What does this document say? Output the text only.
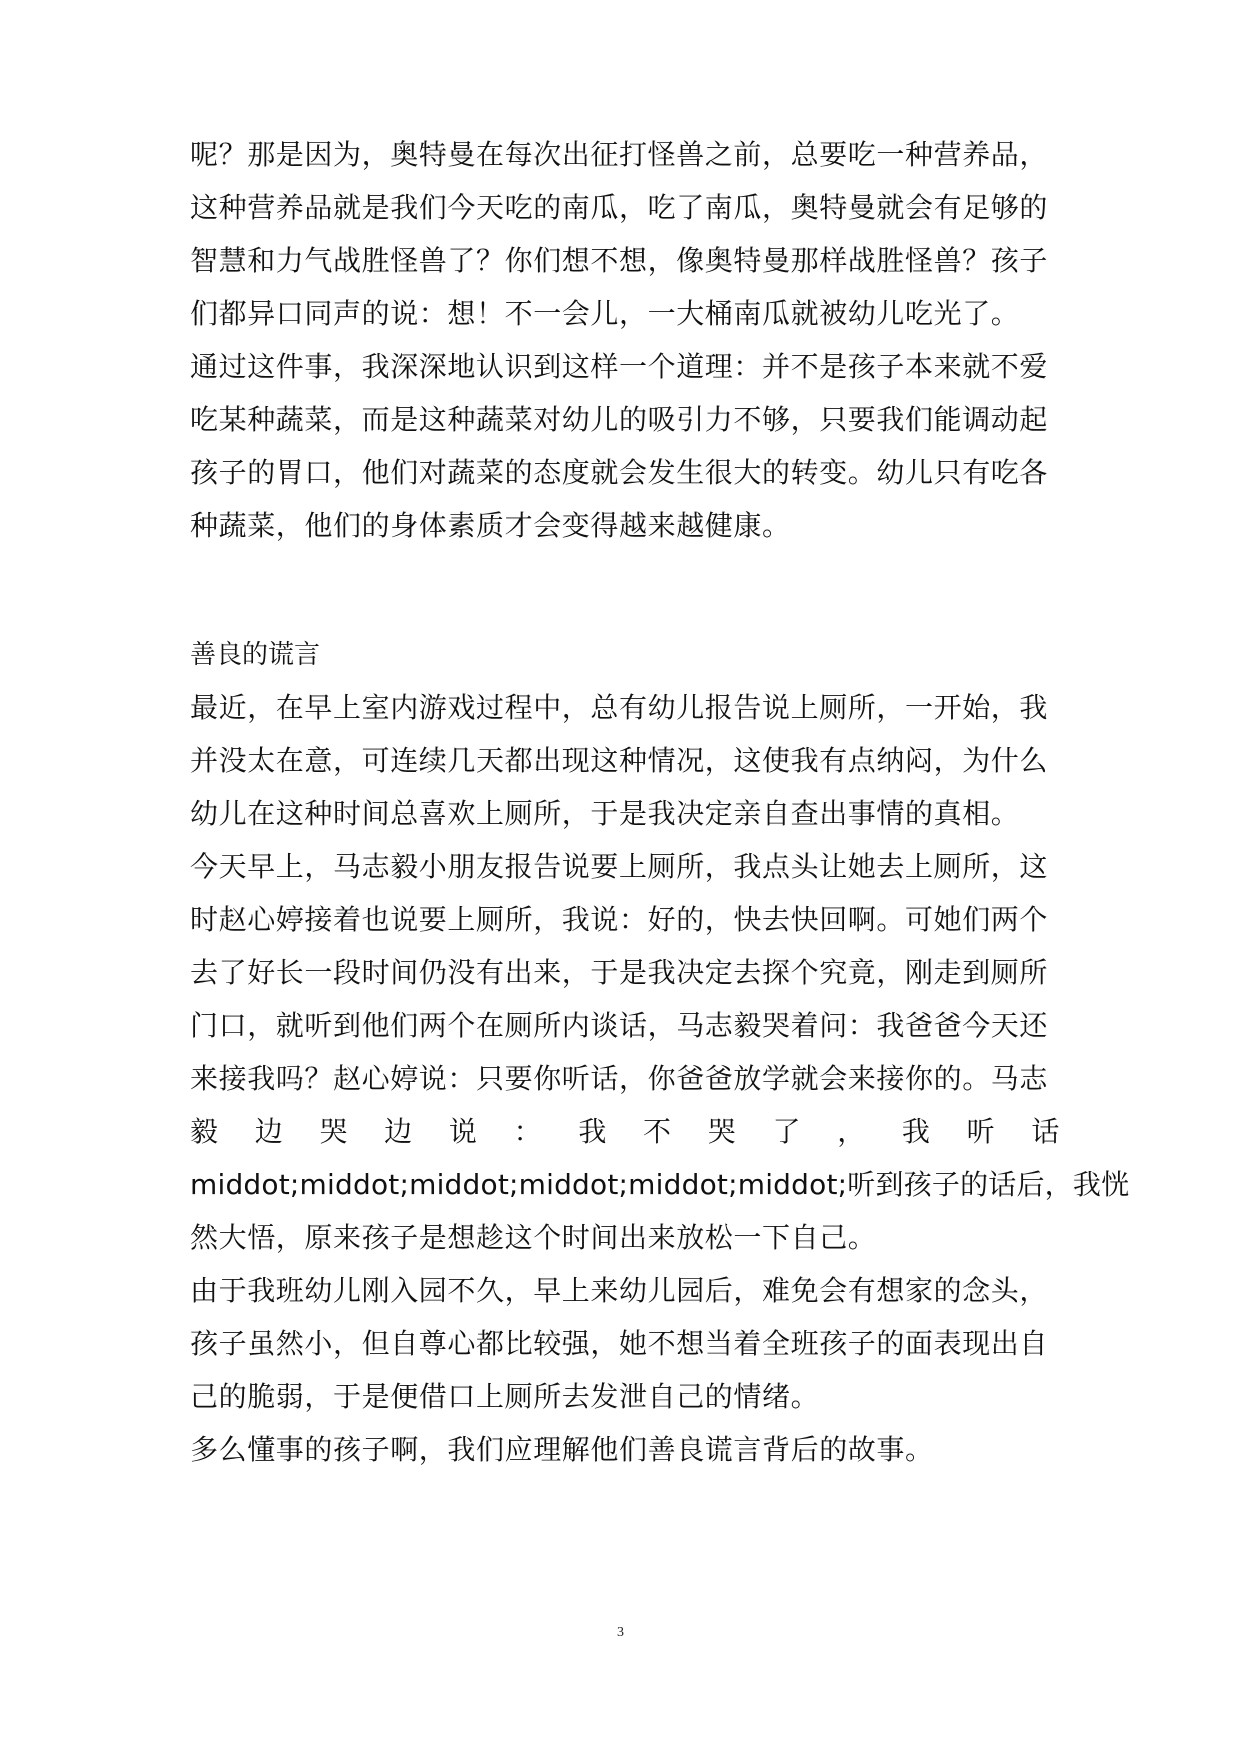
呢？那是因为，奥特曼在每次出征打怪兽之前，总要吃一种营养品，
这种营养品就是我们今天吃的南瓜，吃了南瓜，奥特曼就会有足够的
智慧和力气战胜怪兽了？你们想不想，像奥特曼那样战胜怪兽？孩子
们都异口同声的说：想！不一会儿，一大桶南瓜就被幼儿吃光了。
通过这件事，我深深地认识到这样一个道理：并不是孩子本来就不爱
吃某种蔬菜，而是这种蔬菜对幼儿的吸引力不够，只要我们能调动起
孩子的胃口，他们对蔬菜的态度就会发生很大的转变。幼儿只有吃各
种蔬菜，他们的身体素质才会变得越来越健康。
善良的谎言
最近，在早上室内游戏过程中，总有幼儿报告说上厕所，一开始，我
并没太在意，可连续几天都出现这种情况，这使我有点纳闷，为什么
幼儿在这种时间总喜欢上厕所，于是我决定亲自查出事情的真相。
今天早上，马志毅小朋友报告说要上厕所，我点头让她去上厕所，这
时赵心婷接着也说要上厕所，我说：好的，快去快回啊。可她们两个
去了好长一段时间仍没有出来，于是我决定去探个究竟，刚走到厕所
门口，就听到他们两个在厕所内谈话，马志毅哭着问：我爸爸今天还
来接我吗？赵心婷说：只要你听话，你爸爸放学就会来接你的。马志
毅 边 哭 边 说 ： 我 不 哭 了 ， 我 听 话
middot;middot;middot;middot;middot;middot;听到孩子的话后，我恍
然大悟，原来孩子是想趁这个时间出来放松一下自己。
由于我班幼儿刚入园不久，早上来幼儿园后，难免会有想家的念头，
孩子虽然小，但自尊心都比较强，她不想当着全班孩子的面表现出自
己的脆弱，于是便借口上厕所去发泄自己的情绪。
多么懂事的孩子啊，我们应理解他们善良谎言背后的故事。
3
